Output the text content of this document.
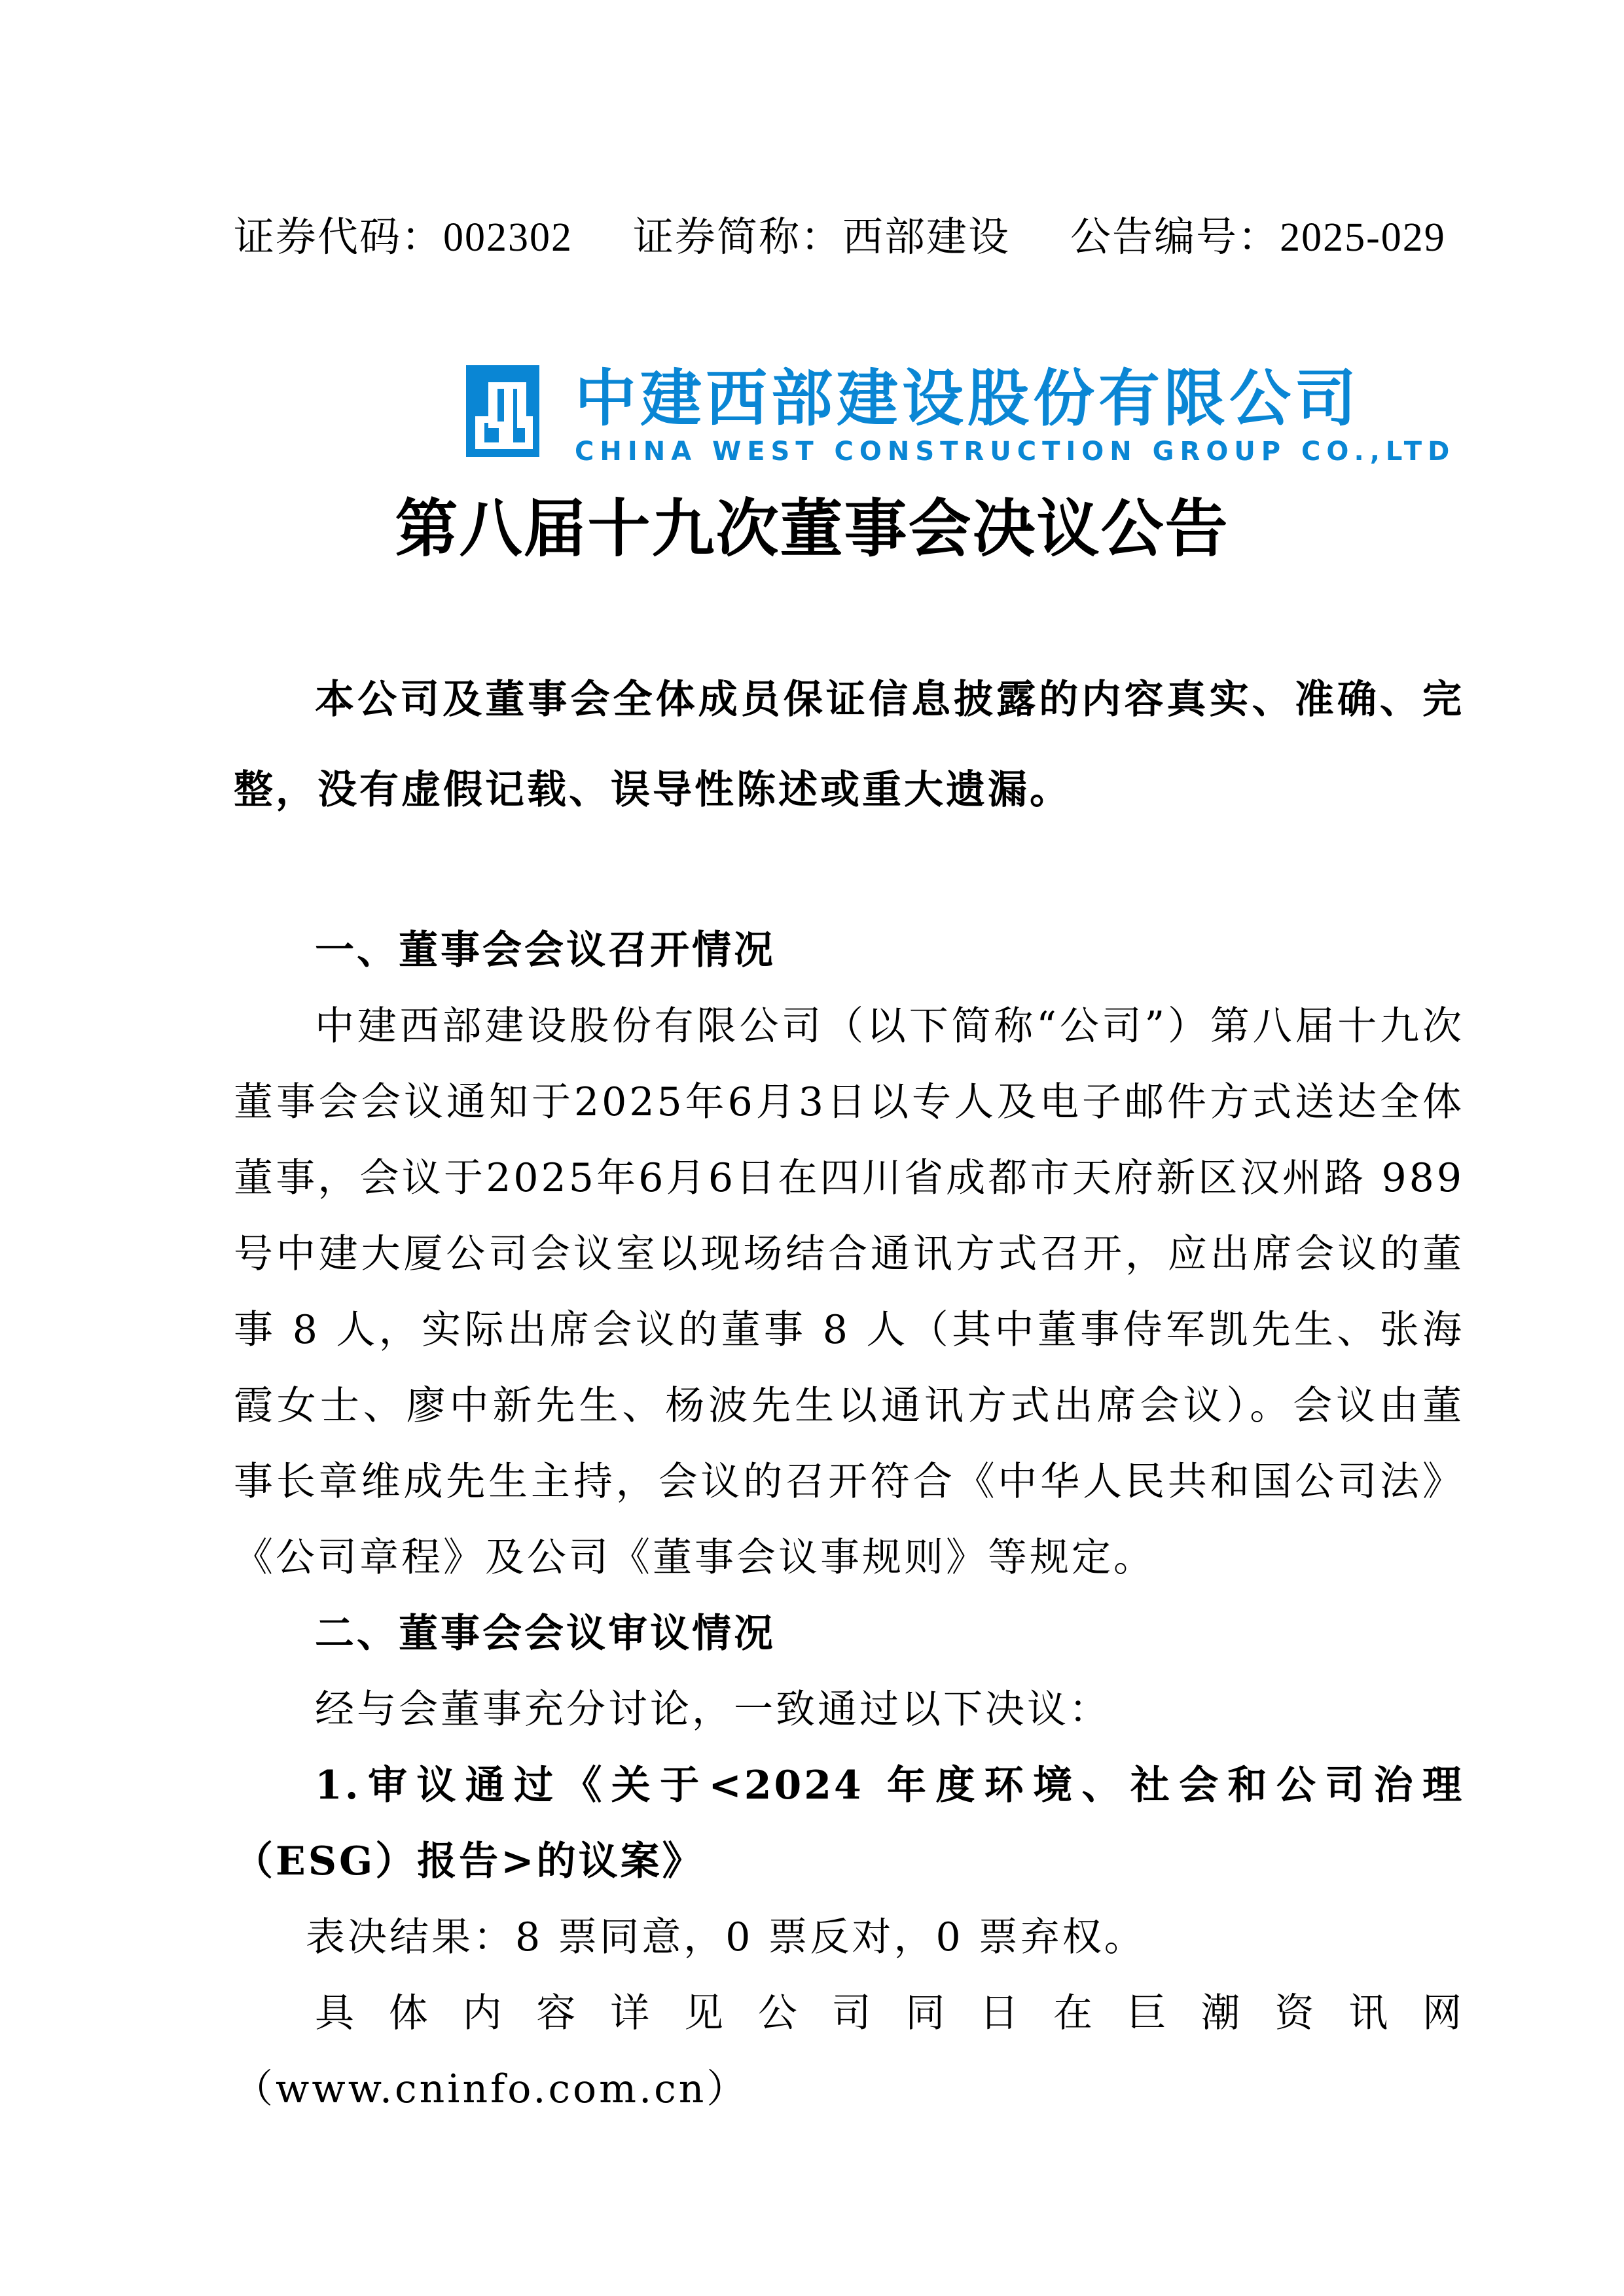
证券代码：002302 证券简称：西部建设 公告编号：2025-029
中建西部建设股份有限公司
CHINA WEST CONSTRUCTION GROUP CO.,LTD
第八届十九次董事会决议公告

本公司及董事会全体成员保证信息披露的内容真实、准确、完整，没有虚假记载、误导性陈述或重大遗漏。

一、董事会会议召开情况

中建西部建设股份有限公司（以下简称“公司”）第八届十九次董事会会议通知于2025年6月3日以专人及电子邮件方式送达全体董事，会议于2025年6月6日在四川省成都市天府新区汉州路 989 号中建大厦公司会议室以现场结合通讯方式召开，应出席会议的董事 8 人，实际出席会议的董事 8 人（其中董事侍军凯先生、张海霞女士、廖中新先生、杨波先生以通讯方式出席会议）。会议由董事长章维成先生主持，会议的召开符合《中华人民共和国公司法》《公司章程》及公司《董事会议事规则》等规定。

二、董事会会议审议情况

经与会董事充分讨论，一致通过以下决议：

1.审议通过《关于<2024 年度环境、社会和公司治理（ESG）报告>的议案》

表决结果：8 票同意，0 票反对，0 票弃权。

具体内容详见公司同日在巨潮资讯网（www.cninfo.com.cn）
